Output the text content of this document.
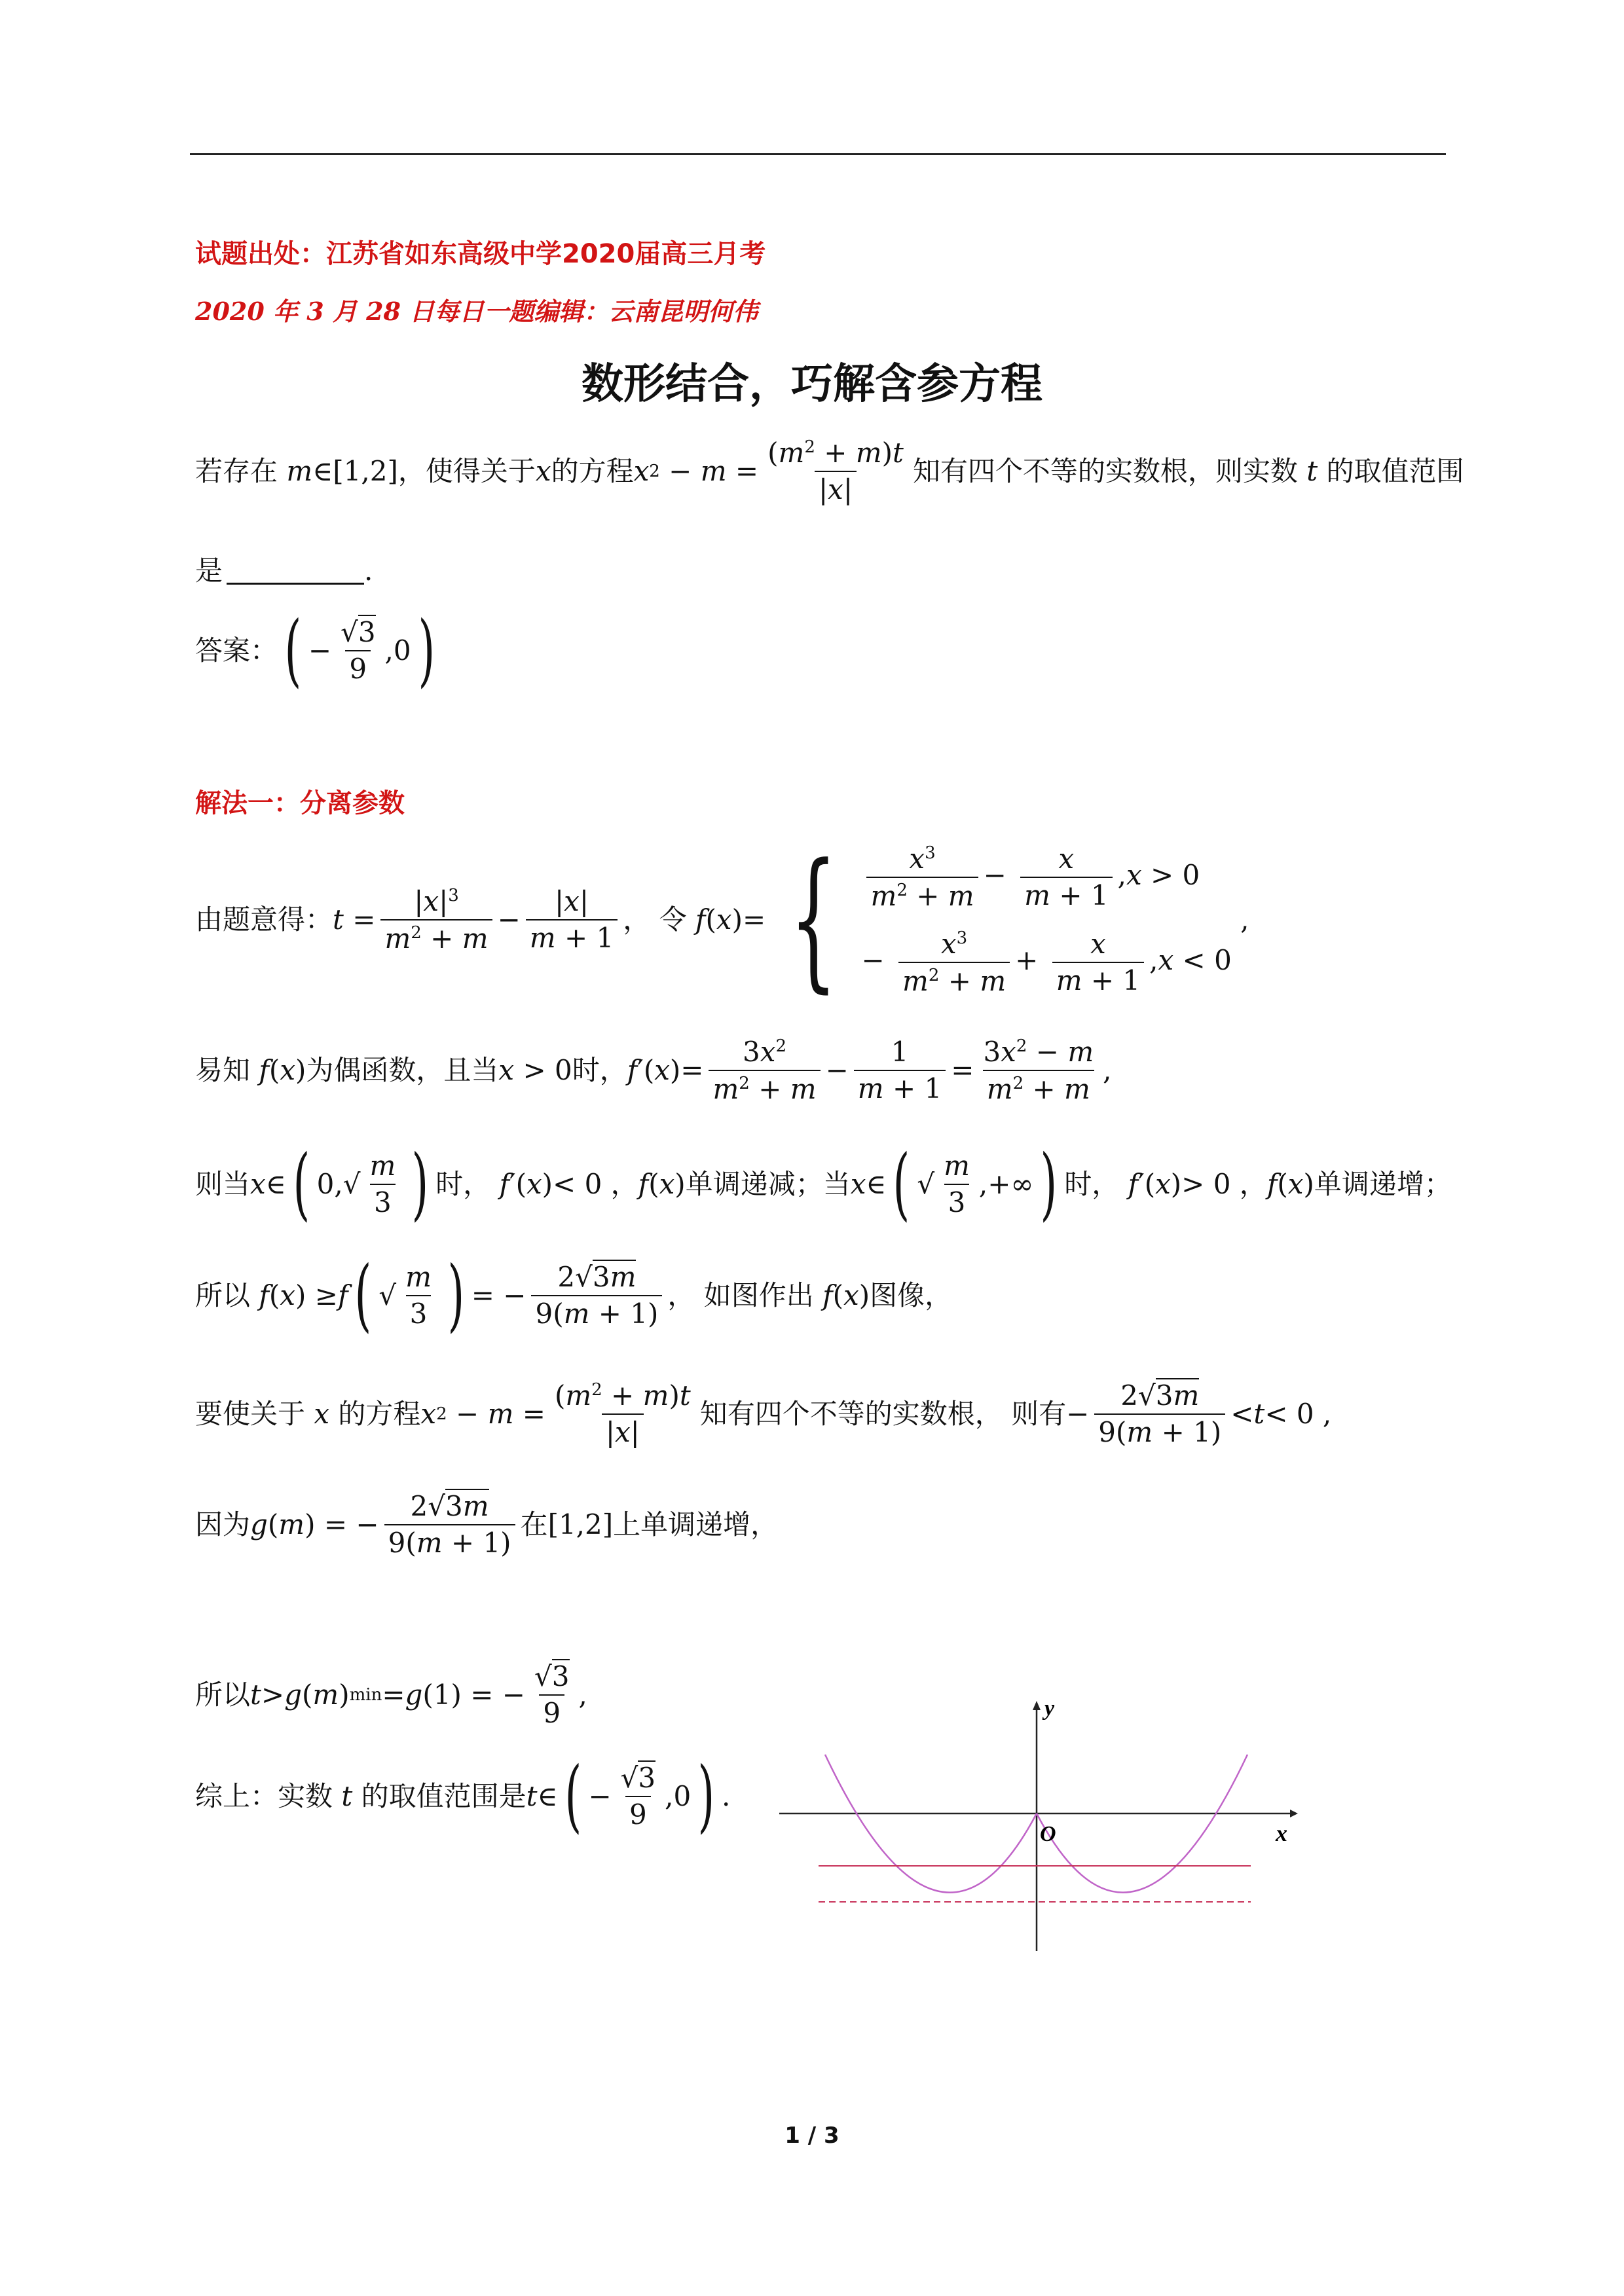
试题出处：江苏省如东高级中学2020届高三月考
2020 年 3 月 28 日每日一题编辑：云南昆明何伟
数形结合，巧解含参方程
若存在 m ∈ [1,2] ，使得关于 x 的方程 x $2 - m = \frac{(m^2 + m)t}{|x|}$ 知有四个不等的实数根，则实数 t 的取值范围
是	.
答案： ( − $\frac{√3}{9} ,0$ )
解法一：分离参数
由题意得： $t = \frac{|x|^3}{m^2 + m} - \frac{|x|}{m + 1}$ ， 令 f ( x )= { $\frac{x^3}{m^2 + m} - \frac{x}{m + 1} ,x > 0$
− $\frac{x^3}{m^2 + m} + \frac{x}{m + 1} ,x < 0$
,
易知 f ( x ) 为偶函数，且当 x > 0 时， f ′( x )= $\frac{3x^2}{m^2 + m} - \frac{1}{m + 1} = \frac{3x^2 - m}{m^2 + m}$ ,
则当 x ∈ ( $0,√ \frac{m}{3}$ ) 时， f ′( x )< 0 ， f ( x ) 单调递减；当 x ∈ ( √ $\frac{m}{3}$ ,+∞ ) 时， f ′( x )> 0 ， f ( x ) 单调递增；
所以 f ( x ) ≥ f ( √ $\frac{m}{3}$ ) = − $\frac{2√3m}{9(m + 1)}$ ， 如图作出 f ( x ) 图像，
要使关于 x 的方程 x $2 - m = \frac{(m^2 + m)t}{|x|}$ 知有四个不等的实数根， 则有 − $\frac{2√3m}{9(m + 1)} < t < 0$ ,
因为 g ( m ) = − $\frac{2√3m}{9(m + 1)}$ 在 [1,2] 上单调递增，
所以 t > g ( m ) min = g (1) = − $\frac{√3}{9}$ ,
综上：实数 t 的取值范围是 t ∈ ( − $\frac{√3}{9} ,0$ ) .
O	x
y
1 / 3
